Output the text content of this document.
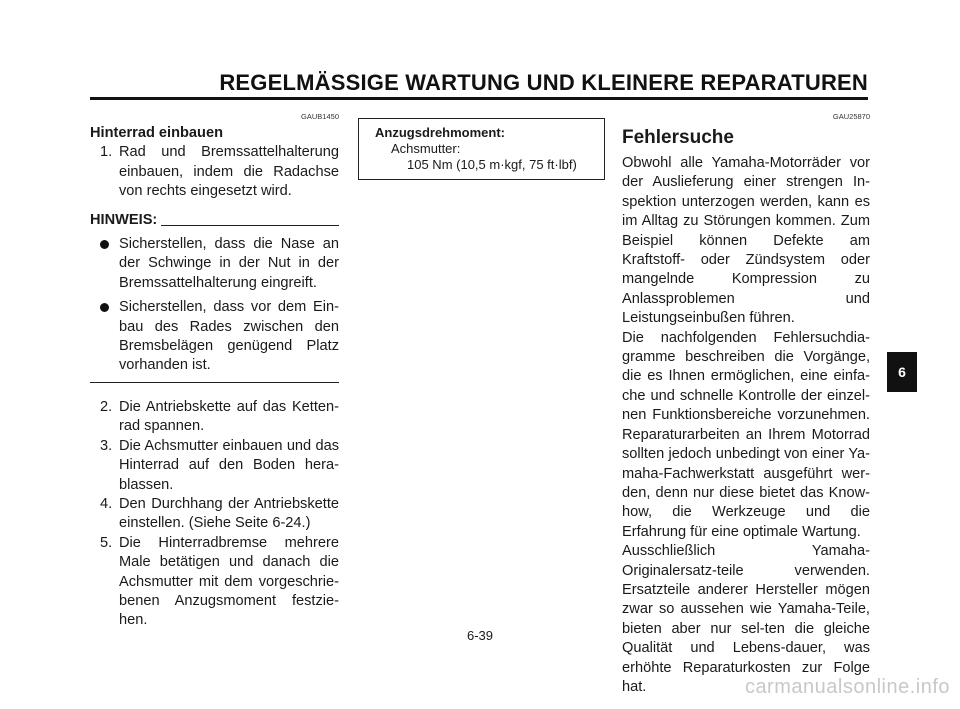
REGELMÄSSIGE WARTUNG UND KLEINERE REPARATUREN
GAUB1450
Hinterrad einbauen
1. Rad und Bremssattelhalterung einbauen, indem die Radachse von rechts eingesetzt wird.
HINWEIS:
Sicherstellen, dass die Nase an der Schwinge in der Nut in der Bremssattelhalterung eingreift.
Sicherstellen, dass vor dem Ein-bau des Rades zwischen den Bremsbelägen genügend Platz vorhanden ist.
2. Die Antriebskette auf das Ketten-rad spannen.
3. Die Achsmutter einbauen und das Hinterrad auf den Boden hera-blassen.
4. Den Durchhang der Antriebskette einstellen. (Siehe Seite 6-24.)
5. Die Hinterradbremse mehrere Male betätigen und danach die Achsmutter mit dem vorgeschrie-benen Anzugsmoment festzie-hen.
Anzugsdrehmoment:
Achsmutter:
105 Nm (10,5 m·kgf, 75 ft·lbf)
GAU25870
Fehlersuche
Obwohl alle Yamaha-Motorräder vor der Auslieferung einer strengen In-spektion unterzogen werden, kann es im Alltag zu Störungen kommen. Zum Beispiel können Defekte am Kraftstoff- oder Zündsystem oder mangelnde Kompression zu Anlassproblemen und Leistungseinbußen führen.
Die nachfolgenden Fehlersuchdia-gramme beschreiben die Vorgänge, die es Ihnen ermöglichen, eine einfa-che und schnelle Kontrolle der einzel-nen Funktionsbereiche vorzunehmen. Reparaturarbeiten an Ihrem Motorrad sollten jedoch unbedingt von einer Ya-maha-Fachwerkstatt ausgeführt wer-den, denn nur diese bietet das Know-how, die Werkzeuge und die Erfahrung für eine optimale Wartung.
Ausschließlich Yamaha-Originalersatz-teile verwenden. Ersatzteile anderer Hersteller mögen zwar so aussehen wie Yamaha-Teile, bieten aber nur sel-ten die gleiche Qualität und Lebens-dauer, was erhöhte Reparaturkosten zur Folge hat.
6-39
6
carmanualsonline.info
